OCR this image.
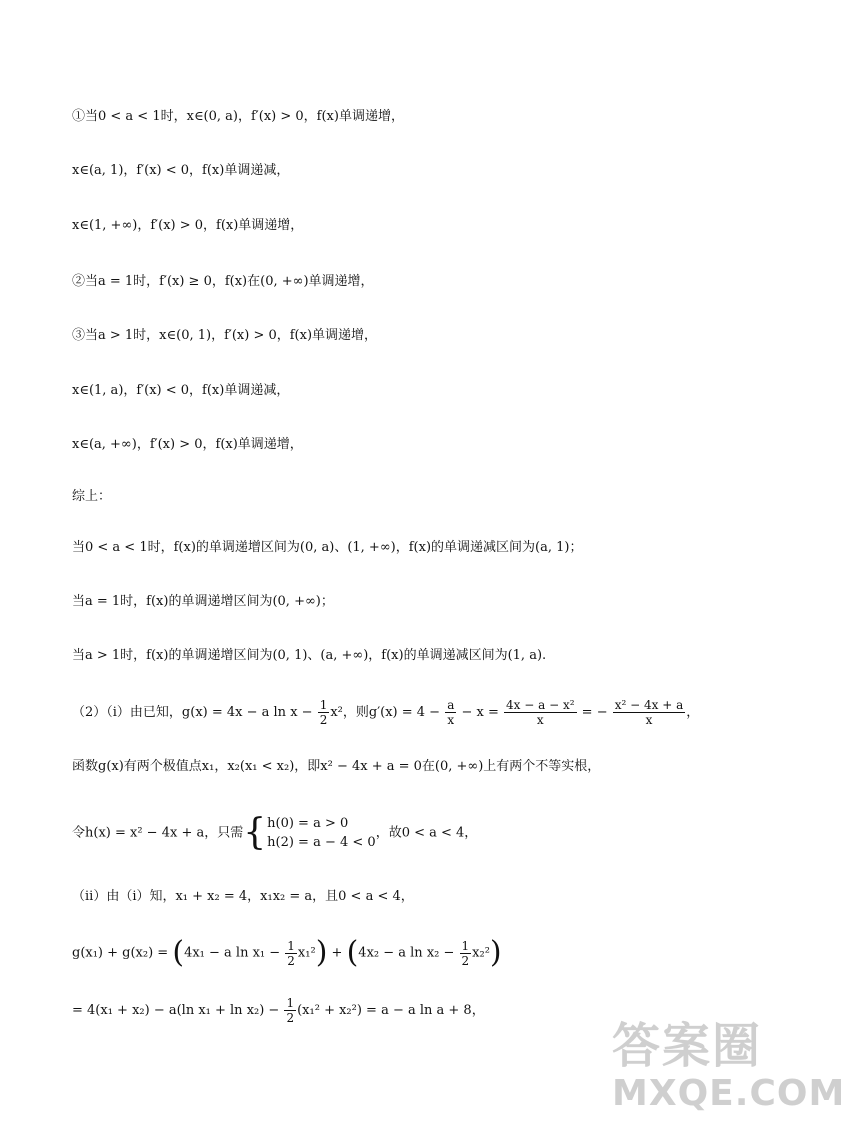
①当0 < a < 1时，x∈(0, a)，f′(x) > 0，f(x)单调递增，
x∈(a, 1)，f′(x) < 0，f(x)单调递减，
x∈(1, +∞)，f′(x) > 0，f(x)单调递增，
②当a = 1时，f′(x) ≥ 0，f(x)在(0, +∞)单调递增，
③当a > 1时，x∈(0, 1)，f′(x) > 0，f(x)单调递增，
x∈(1, a)，f′(x) < 0，f(x)单调递减，
x∈(a, +∞)，f′(x) > 0，f(x)单调递增，
综上：
当0 < a < 1时，f(x)的单调递增区间为(0, a)、(1, +∞)，f(x)的单调递减区间为(a, 1)；
当a = 1时，f(x)的单调递增区间为(0, +∞)；
当a > 1时，f(x)的单调递增区间为(0, 1)、(a, +∞)，f(x)的单调递减区间为(1, a).
（2）（i）由已知，g(x) = 4x − a $\ln x - \frac{1}{2} x^2$，则$g'(x) = 4 - \frac{a}{x} - x = \frac{\text{4x − a − x²}}{x}$ = − $\frac{\text{x² − 4x + a}}{x}$ ，
函数g(x)有两个极值点x₁，x₂(x₁ < x₂)，即x² − 4x + a = 0在(0, +∞)上有两个不等实根，
令h(x) = x² − 4x + a，只需 { h(0) = a > 0
h(2) = a − 4 < 0
，故0 < a < 4，
（ii）由（i）知，x₁ + x₂ = 4，x₁x₂ = a，且0 < a < 4，
g(x₁) + g(x₂) = (4x₁ − a $\ln x_1 - \frac{1}{2} x_1^2) + (4x_2 - a$ $\ln x_2 - \frac{1}{2} x_2^2$)
= 4(x₁ + x₂) − a(ln $x_1 + \ln x_2) - \frac{1}{2} (x_1^2 + x_2^2) = a - a$ ln a + 8，
答案圈
MXQE.COM
